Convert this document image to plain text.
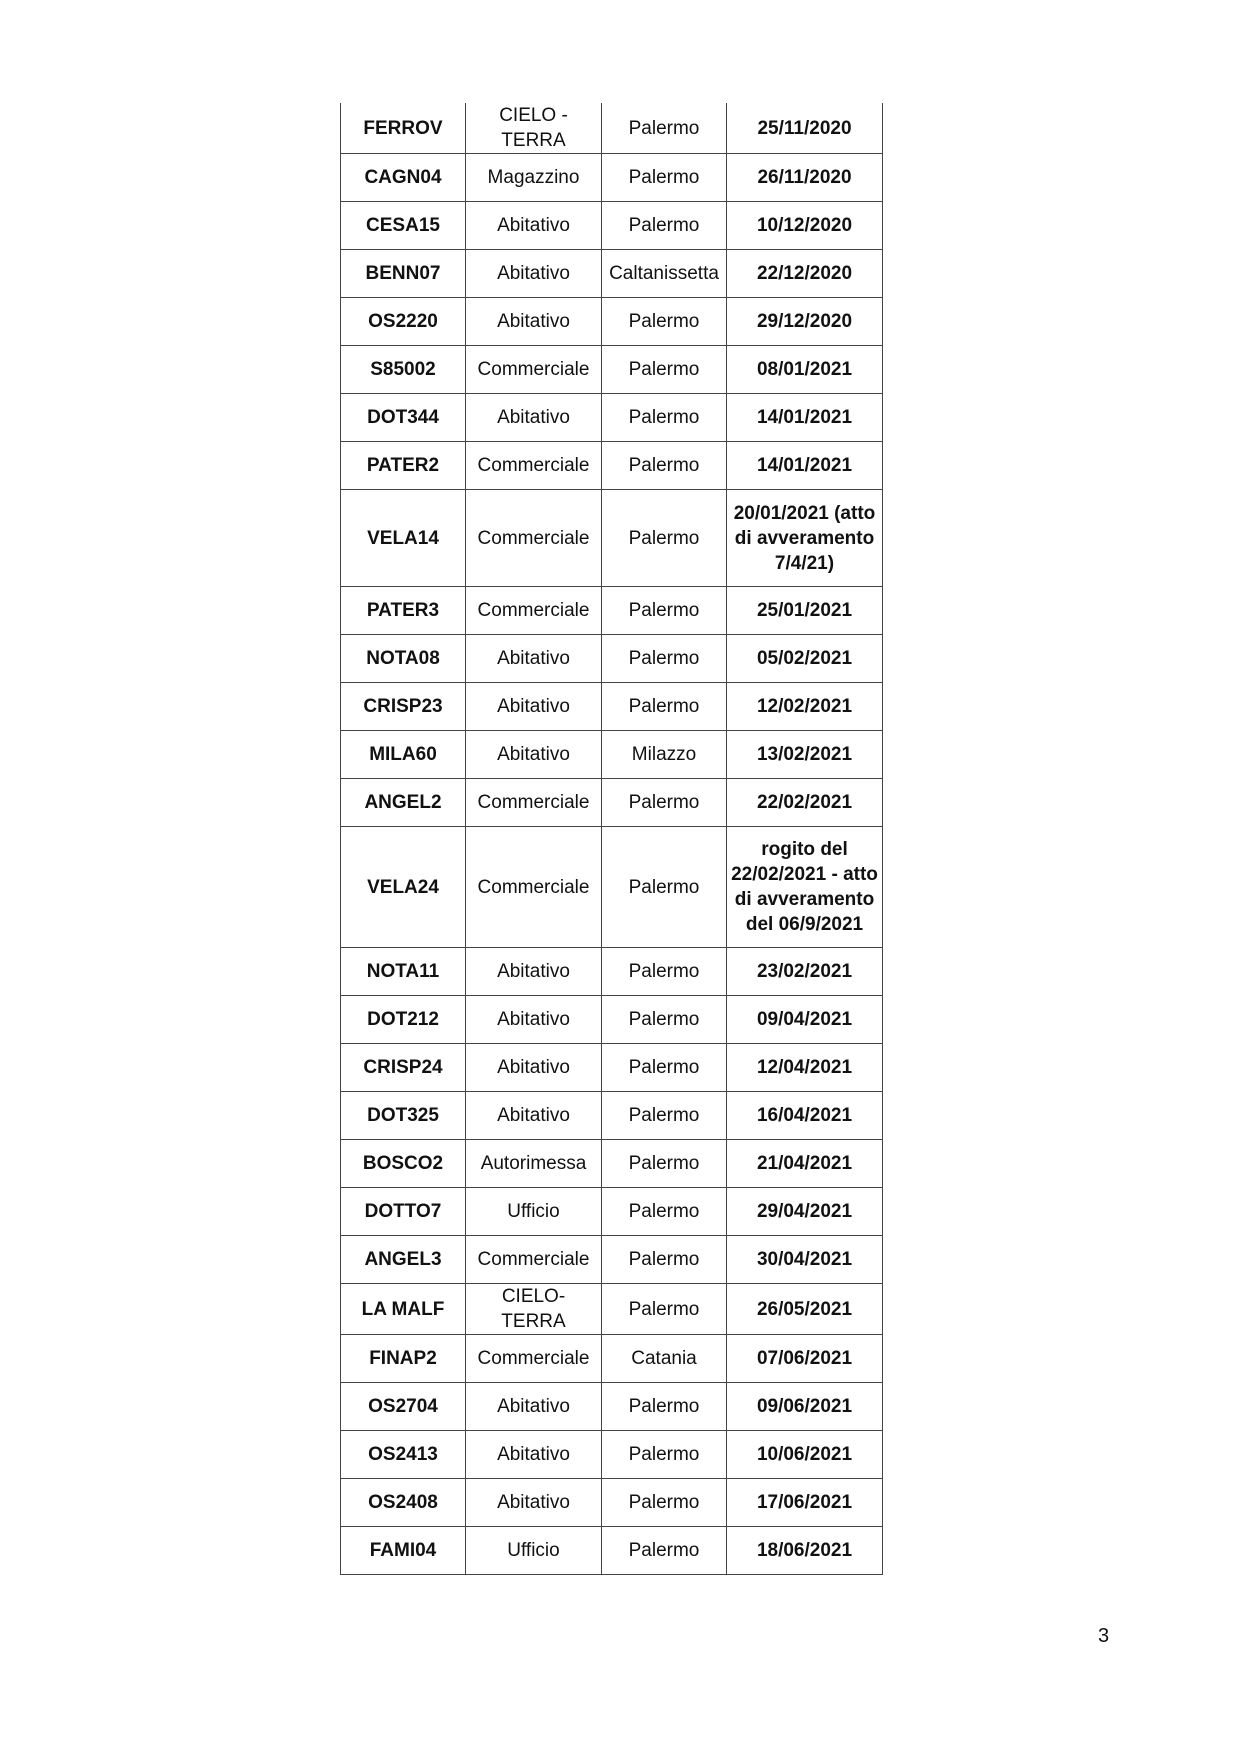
FERROV	CIELO - TERRA	Palermo	25/11/2020
CAGN04	Magazzino	Palermo	26/11/2020
CESA15	Abitativo	Palermo	10/12/2020
BENN07	Abitativo	Caltanissetta	22/12/2020
OS2220	Abitativo	Palermo	29/12/2020
S85002	Commerciale	Palermo	08/01/2021
DOT344	Abitativo	Palermo	14/01/2021
PATER2	Commerciale	Palermo	14/01/2021
VELA14	Commerciale	Palermo	20/01/2021 (atto di avveramento 7/4/21)
PATER3	Commerciale	Palermo	25/01/2021
NOTA08	Abitativo	Palermo	05/02/2021
CRISP23	Abitativo	Palermo	12/02/2021
MILA60	Abitativo	Milazzo	13/02/2021
ANGEL2	Commerciale	Palermo	22/02/2021
VELA24	Commerciale	Palermo	rogito del 22/02/2021 - atto di avveramento del 06/9/2021
NOTA11	Abitativo	Palermo	23/02/2021
DOT212	Abitativo	Palermo	09/04/2021
CRISP24	Abitativo	Palermo	12/04/2021
DOT325	Abitativo	Palermo	16/04/2021
BOSCO2	Autorimessa	Palermo	21/04/2021
DOTTO7	Ufficio	Palermo	29/04/2021
ANGEL3	Commerciale	Palermo	30/04/2021
LA MALF	CIELO-TERRA	Palermo	26/05/2021
FINAP2	Commerciale	Catania	07/06/2021
OS2704	Abitativo	Palermo	09/06/2021
OS2413	Abitativo	Palermo	10/06/2021
OS2408	Abitativo	Palermo	17/06/2021
FAMI04	Ufficio	Palermo	18/06/2021
3
